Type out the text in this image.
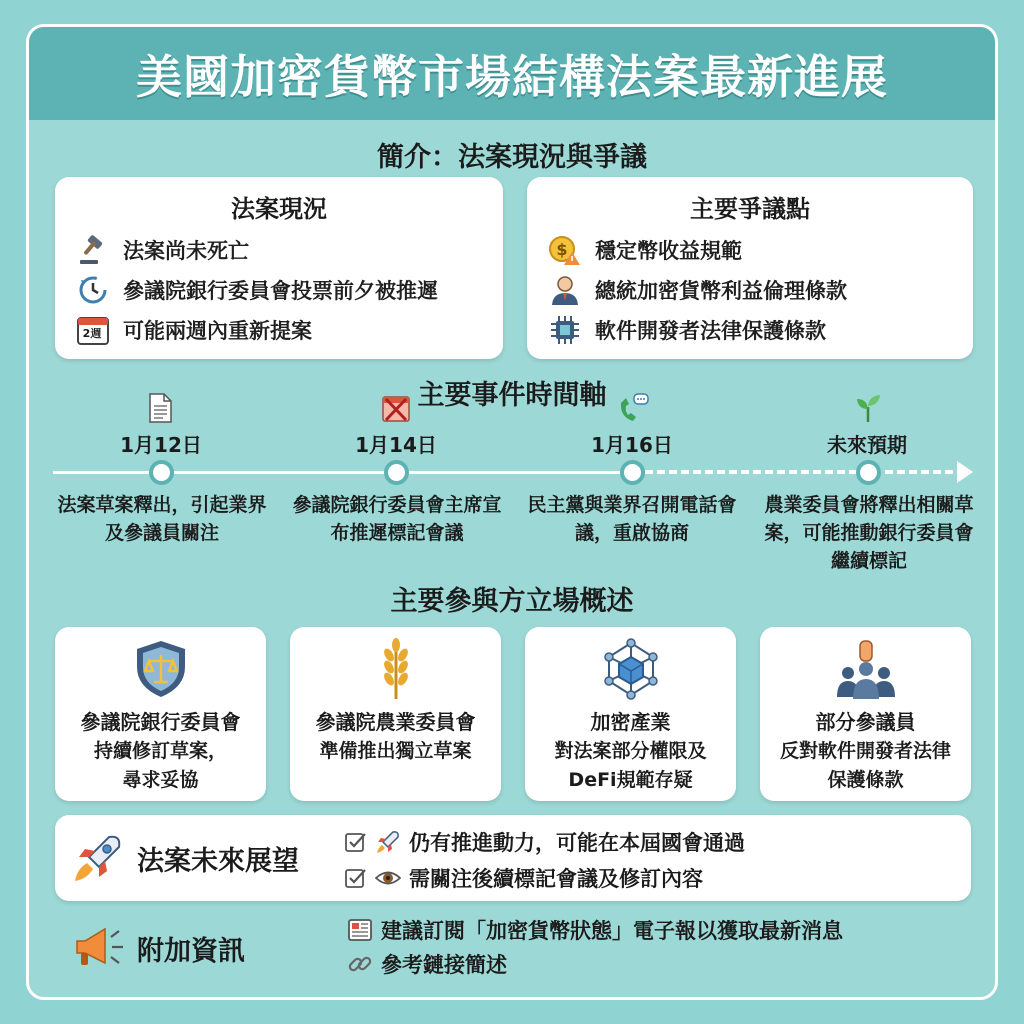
美國加密貨幣市場結構法案最新進展
簡介：法案現況與爭議
法案現況
法案尚未死亡
參議院銀行委員會投票前夕被推遲
2週	可能兩週內重新提案
主要爭議點
$ 穩定幣收益規範
總統加密貨幣利益倫理條款
軟件開發者法律保護條款
主要事件時間軸
1月12日
法案草案釋出，引起業界及參議員關注
1月14日
參議院銀行委員會主席宣布推遲標記會議
1月16日
民主黨與業界召開電話會議，重啟協商
未來預期
農業委員會將釋出相關草案，可能推動銀行委員會繼續標記
主要參與方立場概述
參議院銀行委員會
持續修訂草案，尋求妥協
參議院農業委員會
準備推出獨立草案
加密產業
對法案部分權限及DeFi規範存疑
部分參議員
反對軟件開發者法律保護條款
法案未來展望
仍有推進動力，可能在本屆國會通過
需關注後續標記會議及修訂內容
附加資訊
建議訂閱「加密貨幣狀態」電子報以獲取最新消息
參考鏈接簡述
